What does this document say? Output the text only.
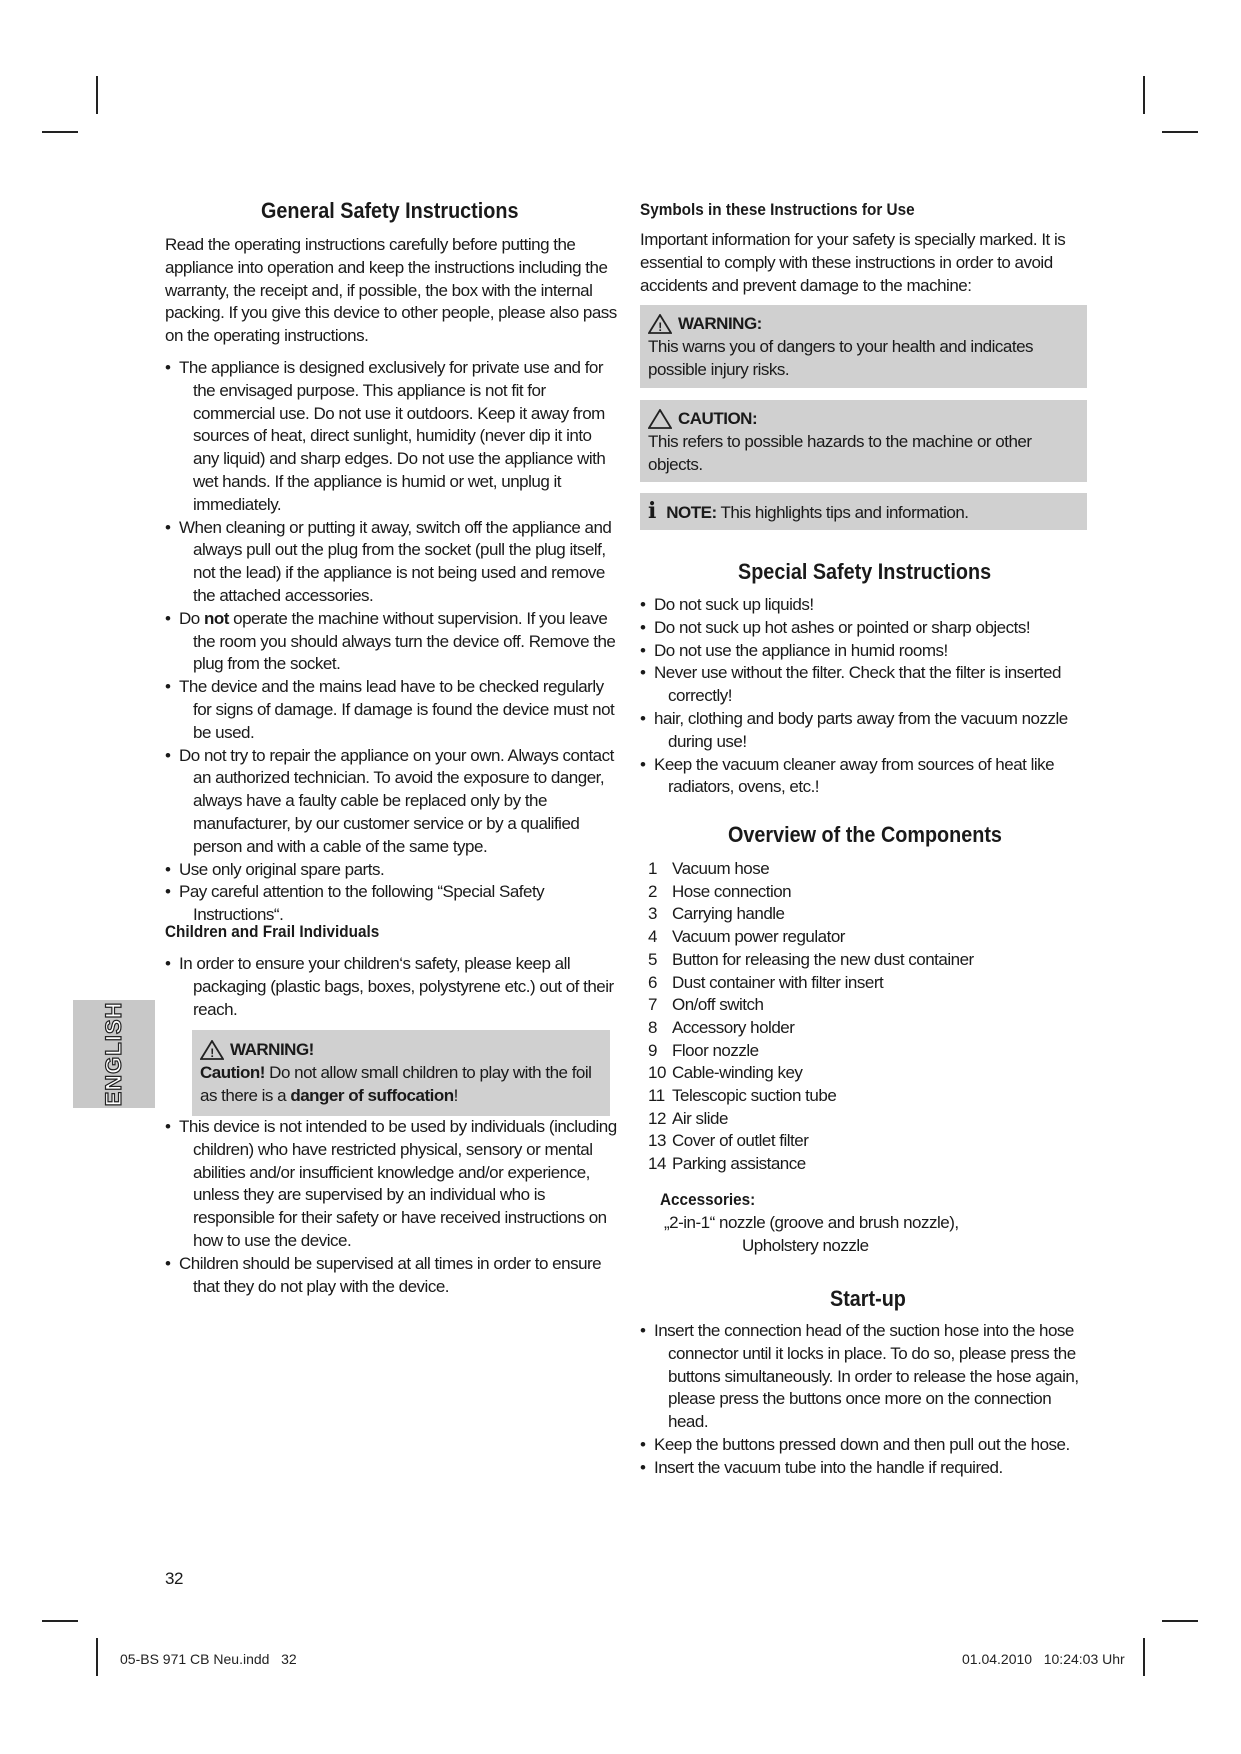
ENGLISH
General Safety Instructions
Read the operating instructions carefully before putting the appliance into operation and keep the instructions including the warranty, the receipt and, if possible, the box with the internal packing. If you give this device to other people, please also pass on the operating instructions.
• The appliance is designed exclusively for private use and for the envisaged purpose. This appliance is not fit for commercial use. Do not use it outdoors. Keep it away from sources of heat, direct sunlight, humidity (never dip it into any liquid) and sharp edges. Do not use the appliance with wet hands. If the appliance is humid or wet, unplug it immediately.
• When cleaning or putting it away, switch off the appliance and always pull out the plug from the socket (pull the plug itself, not the lead) if the appliance is not being used and remove the attached accessories.
• Do not operate the machine without supervision. If you leave the room you should always turn the device off. Remove the plug from the socket.
• The device and the mains lead have to be checked regularly for signs of damage. If damage is found the device must not be used.
• Do not try to repair the appliance on your own. Always contact an authorized technician. To avoid the exposure to danger, always have a faulty cable be replaced only by the manufacturer, by our customer service or by a qualified person and with a cable of the same type.
• Use only original spare parts.
• Pay careful attention to the following “Special Safety Instructions“.
Children and Frail Individuals
• In order to ensure your children‘s safety, please keep all packaging (plastic bags, boxes, polystyrene etc.) out of their reach.
! WARNING!
Caution! Do not allow small children to play with the foil as there is a danger of suffocation!
• This device is not intended to be used by individuals (including children) who have restricted physical, sensory or mental abilities and/or insufficient knowledge and/or experience, unless they are supervised by an individual who is responsible for their safety or have received instructions on how to use the device.
• Children should be supervised at all times in order to ensure that they do not play with the device.
Symbols in these Instructions for Use
Important information for your safety is specially marked. It is essential to comply with these instructions in order to avoid accidents and prevent damage to the machine:
! WARNING:
This warns you of dangers to your health and indicates possible injury risks.
CAUTION:
This refers to possible hazards to the machine or other objects.
i NOTE: This highlights tips and information.
Special Safety Instructions
• Do not suck up liquids!
• Do not suck up hot ashes or pointed or sharp objects!
• Do not use the appliance in humid rooms!
• Never use without the filter. Check that the filter is inserted correctly!
• hair, clothing and body parts away from the vacuum nozzle during use!
• Keep the vacuum cleaner away from sources of heat like radiators, ovens, etc.!
Overview of the Components
1 Vacuum hose
2 Hose connection
3 Carrying handle
4 Vacuum power regulator
5 Button for releasing the new dust container
6 Dust container with filter insert
7 On/off switch
8 Accessory holder
9 Floor nozzle
10 Cable-winding key
11 Telescopic suction tube
12 Air slide
13 Cover of outlet filter
14 Parking assistance
Accessories:
„2-in-1“ nozzle (groove and brush nozzle),
Upholstery nozzle
Start-up
• Insert the connection head of the suction hose into the hose connector until it locks in place. To do so, please press the buttons simultaneously. In order to release the hose again, please press the buttons once more on the connection head.
• Keep the buttons pressed down and then pull out the hose.
• Insert the vacuum tube into the handle if required.
32
05-BS 971 CB Neu.indd   32	01.04.2010   10:24:03 Uhr
